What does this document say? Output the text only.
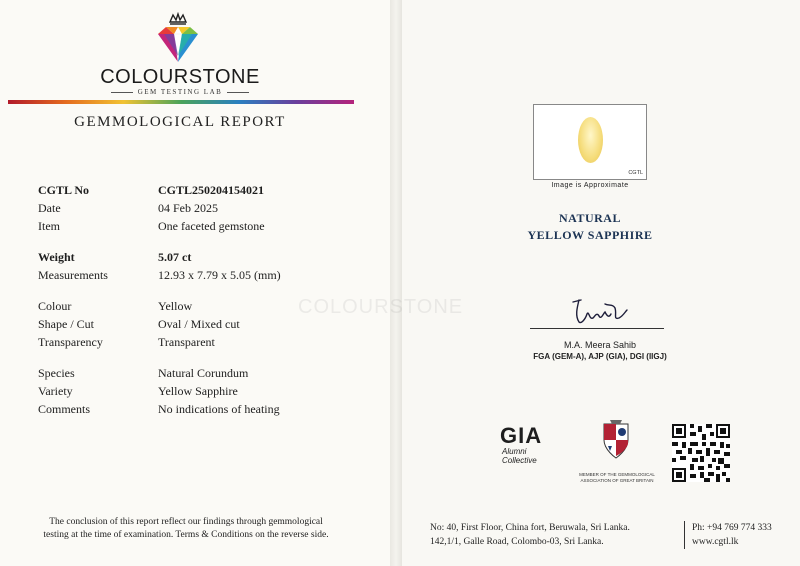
COLOURSTONE
GEM TESTING LAB
GEMMOLOGICAL REPORT
CGTL No	CGTL250204154021
Date	04 Feb 2025
Item	One faceted gemstone
Weight	5.07 ct
Measurements	12.93 x 7.79 x 5.05 (mm)
Colour	Yellow
Shape / Cut	Oval / Mixed cut
Transparency	Transparent
Species	Natural Corundum
Variety	Yellow Sapphire
Comments	No indications of heating
The conclusion of this report reflect our findings through gemmological
testing at the time of examination. Terms & Conditions on the reverse side.
CGTL
Image is Approximate
NATURAL
YELLOW SAPPHIRE
M.A. Meera Sahib
FGA (GEM-A), AJP (GIA), DGI (IIGJ)
GIA
Alumni
Collective
MEMBER OF THE GEMMOLOGICAL
ASSOCIATION OF GREAT BRITAIN
No: 40, First Floor, China fort, Beruwala, Sri Lanka.
142,1/1, Galle Road, Colombo-03, Sri Lanka.
Ph: +94 769 774 333
www.cgtl.lk
COLOURSTONE
